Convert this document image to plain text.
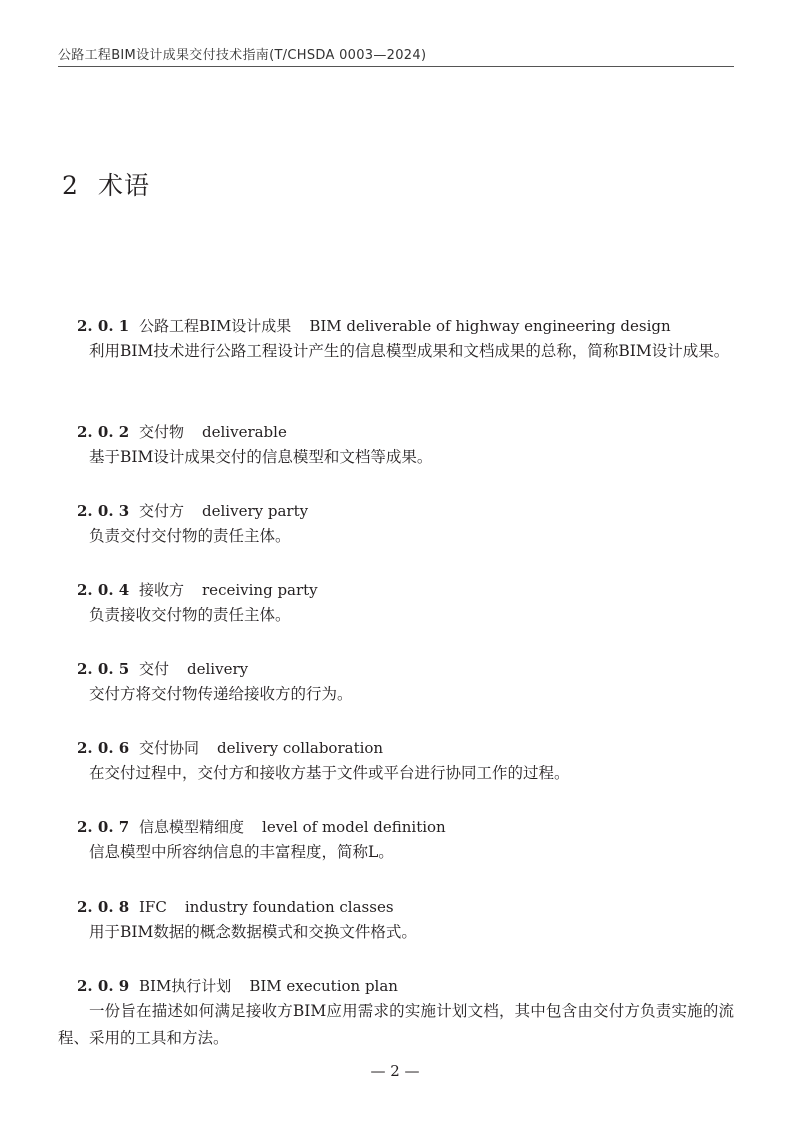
公路工程BIM设计成果交付技术指南(T/CHSDA 0003—2024)
2 术语
2. 0. 1 公路工程BIM设计成果 BIM deliverable of highway engineering design
利用BIM技术进行公路工程设计产生的信息模型成果和文档成果的总称，简称BIM设计成果。
2. 0. 2 交付物 deliverable
基于BIM设计成果交付的信息模型和文档等成果。
2. 0. 3 交付方 delivery party
负责交付交付物的责任主体。
2. 0. 4 接收方 receiving party
负责接收交付物的责任主体。
2. 0. 5 交付 delivery
交付方将交付物传递给接收方的行为。
2. 0. 6 交付协同 delivery collaboration
在交付过程中，交付方和接收方基于文件或平台进行协同工作的过程。
2. 0. 7 信息模型精细度 level of model definition
信息模型中所容纳信息的丰富程度，简称L。
2. 0. 8 IFC industry foundation classes
用于BIM数据的概念数据模式和交换文件格式。
2. 0. 9 BIM执行计划 BIM execution plan
一份旨在描述如何满足接收方BIM应用需求的实施计划文档，其中包含由交付方负责实施的流程、采用的工具和方法。
— 2 —
